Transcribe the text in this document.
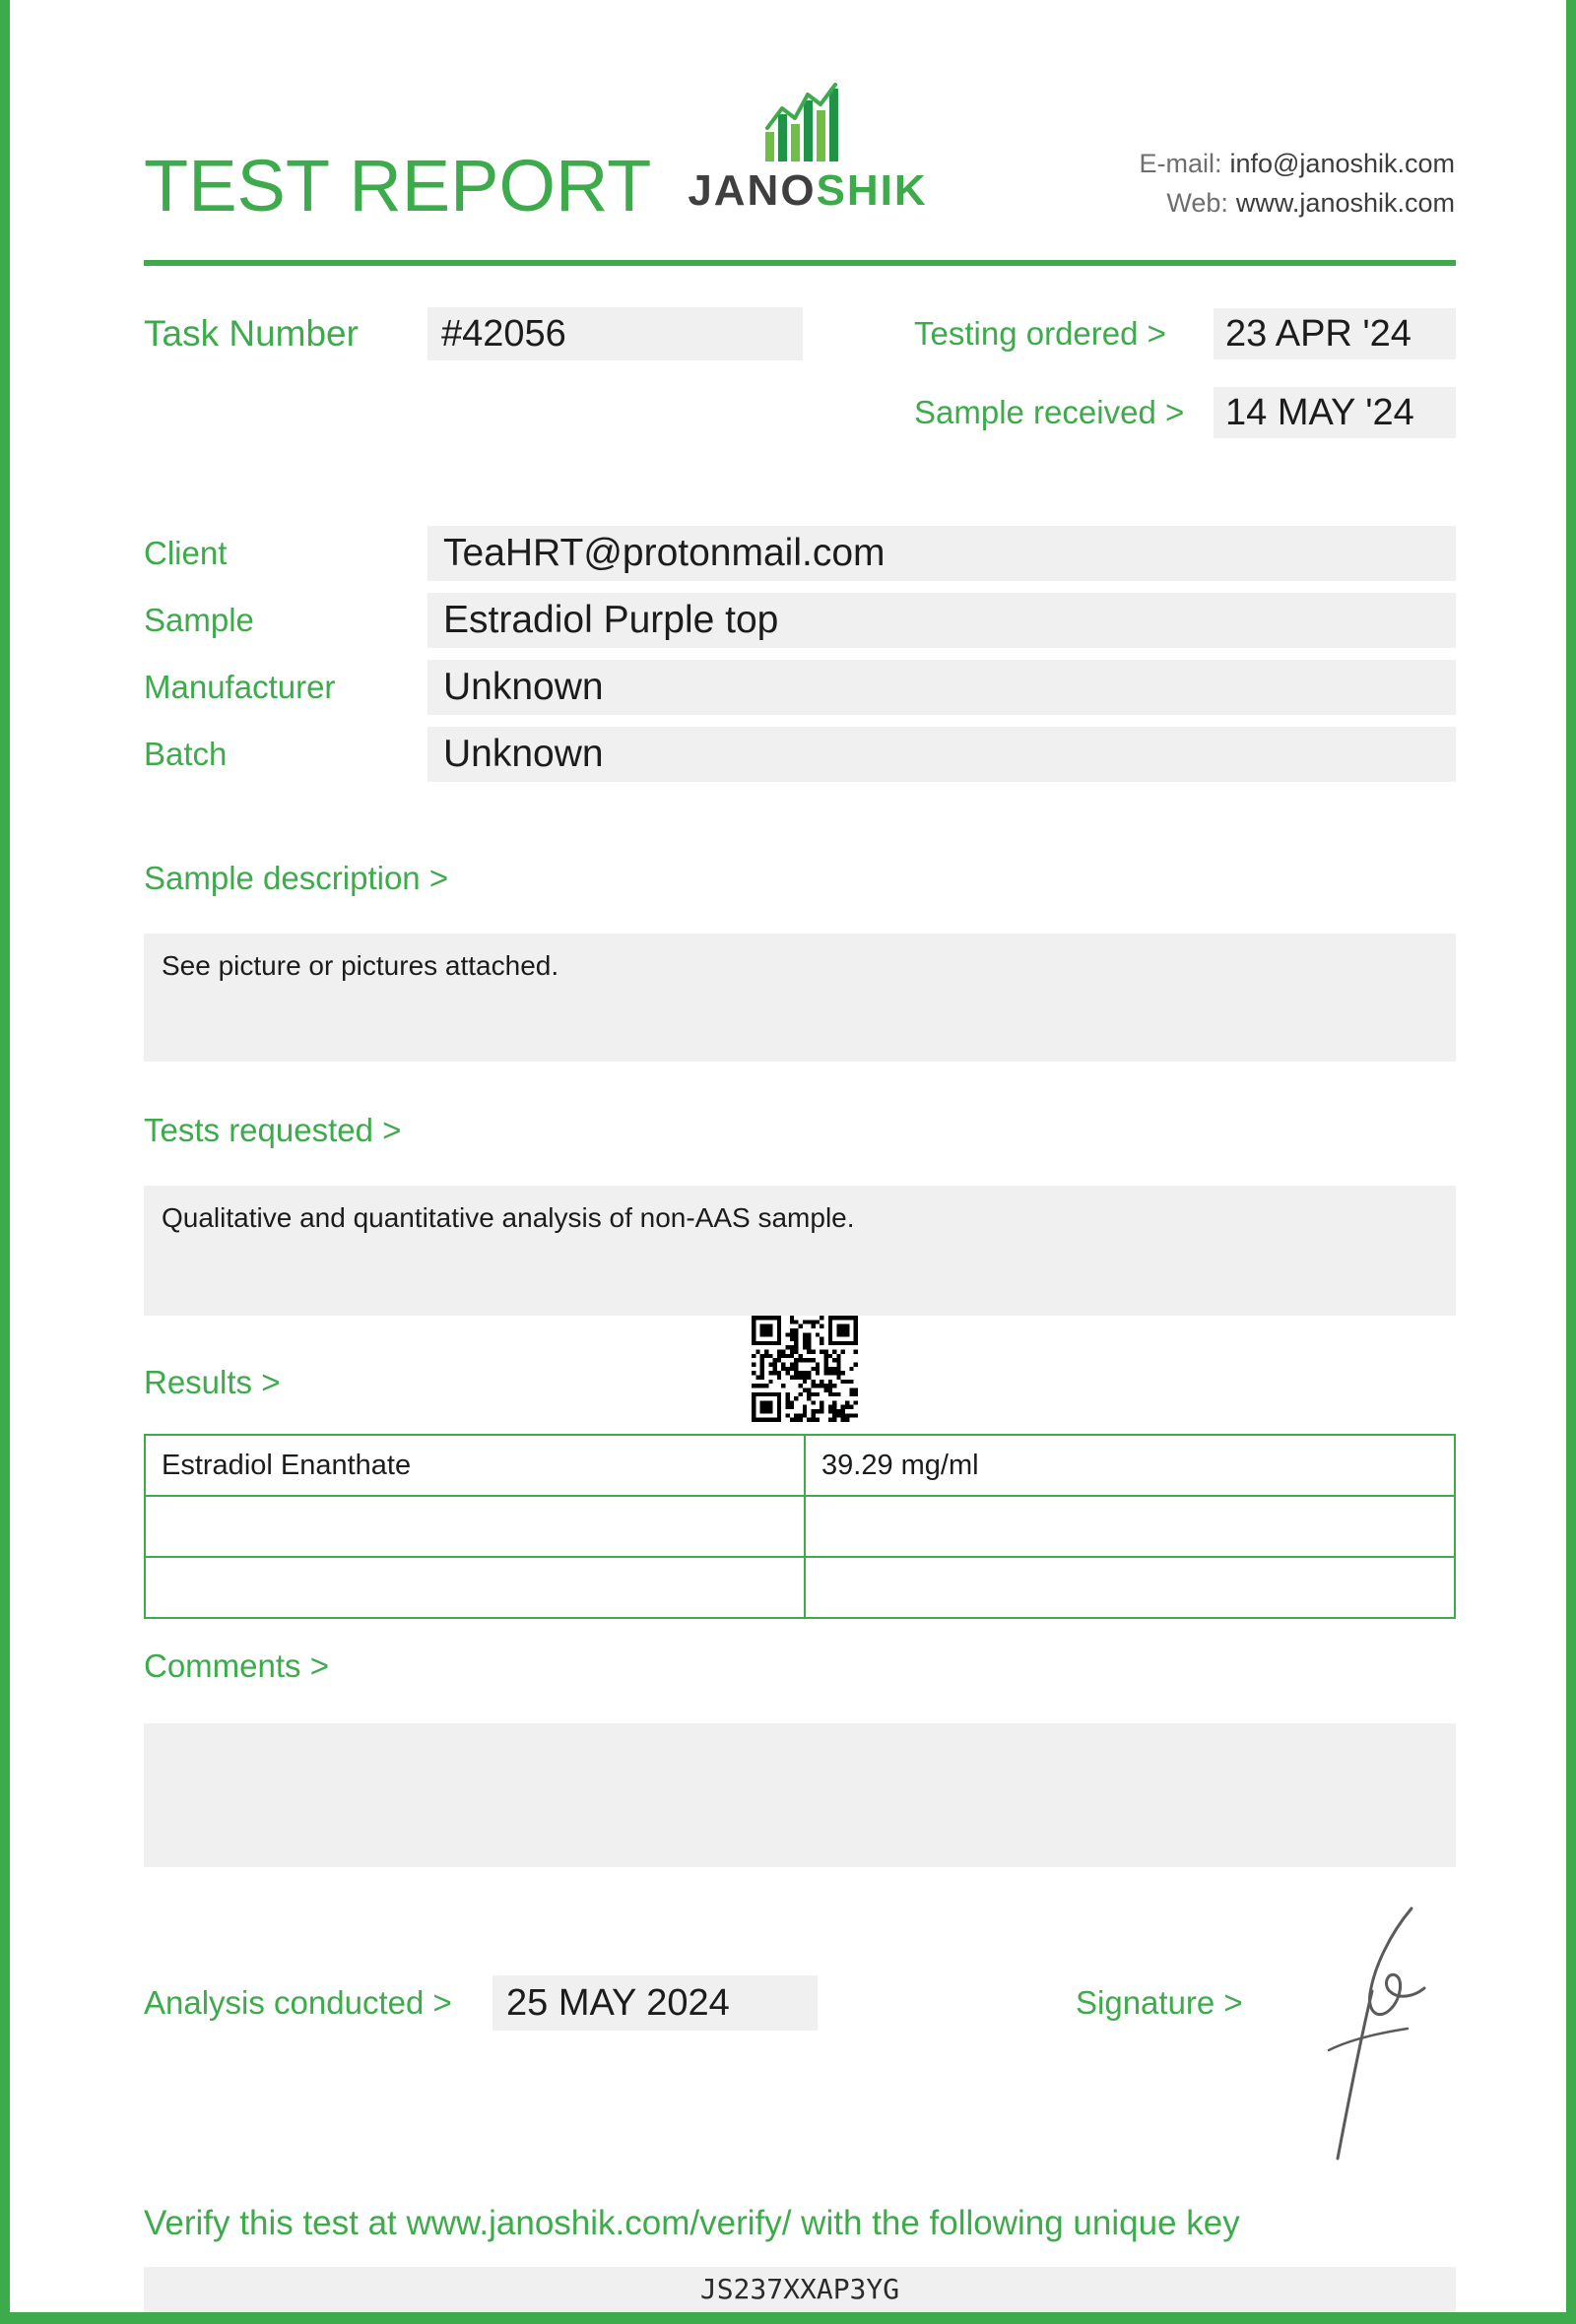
TEST REPORT JANOSHIK
E-mail: info@janoshik.com
Web: www.janoshik.com
Task Number	#42056	Testing ordered >	23 APR '24
Sample received >	14 MAY '24
Client	TeaHRT@protonmail.com
Sample	Estradiol Purple top
Manufacturer	Unknown
Batch	Unknown
Sample description >
See picture or pictures attached.
Tests requested >
Qualitative and quantitative analysis of non-AAS sample.
Results >
Estradiol Enanthate	39.29 mg/ml

Comments >
Analysis conducted >	25 MAY 2024	Signature >
Verify this test at www.janoshik.com/verify/ with the following unique key
JS237XXAP3YG
